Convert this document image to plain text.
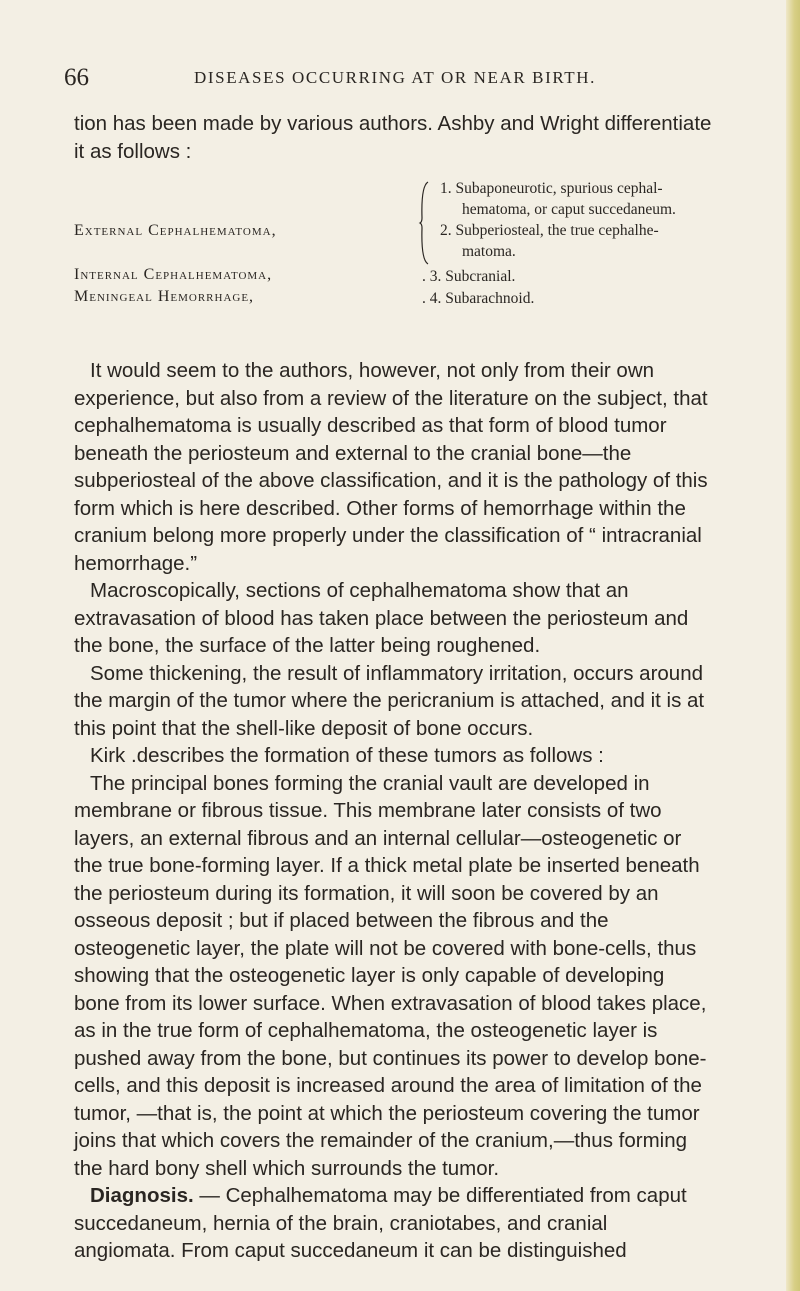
66	DISEASES OCCURRING AT OR NEAR BIRTH.

tion has been made by various authors. Ashby and Wright differentiate it as follows :

External Cephalhematoma,
1. Subaponeurotic, spurious cephal-
hematoma, or caput succedaneum.
2. Subperiosteal, the true cephalhe-
matoma.
Internal Cephalhematoma,	. 3. Subcranial.
Meningeal Hemorrhage,	. 4. Subarachnoid.

It would seem to the authors, however, not only from their own experience, but also from a review of the literature on the subject, that cephalhematoma is usually described as that form of blood tumor beneath the periosteum and external to the cranial bone—the subperiosteal of the above classification, and it is the pathology of this form which is here described. Other forms of hemorrhage within the cranium belong more properly under the classification of “ intracranial hemorrhage.”

Macroscopically, sections of cephalhematoma show that an extravasation of blood has taken place between the periosteum and the bone, the surface of the latter being roughened.

Some thickening, the result of inflammatory irritation, occurs around the margin of the tumor where the pericranium is attached, and it is at this point that the shell-like deposit of bone occurs.

Kirk .describes the formation of these tumors as follows :

The principal bones forming the cranial vault are developed in membrane or fibrous tissue. This membrane later consists of two layers, an external fibrous and an internal cellular—osteogenetic or the true bone-forming layer. If a thick metal plate be inserted beneath the periosteum during its formation, it will soon be covered by an osseous deposit ; but if placed between the fibrous and the osteogenetic layer, the plate will not be covered with bone-cells, thus showing that the osteogenetic layer is only capable of developing bone from its lower surface. When extravasation of blood takes place, as in the true form of cephalhematoma, the osteogenetic layer is pushed away from the bone, but continues its power to develop bone-cells, and this deposit is increased around the area of limitation of the tumor, —that is, the point at which the periosteum covering the tumor joins that which covers the remainder of the cranium,—thus forming the hard bony shell which surrounds the tumor.

Diagnosis. — Cephalhematoma may be differentiated from caput succedaneum, hernia of the brain, craniotabes, and cranial angiomata. From caput succedaneum it can be distinguished
